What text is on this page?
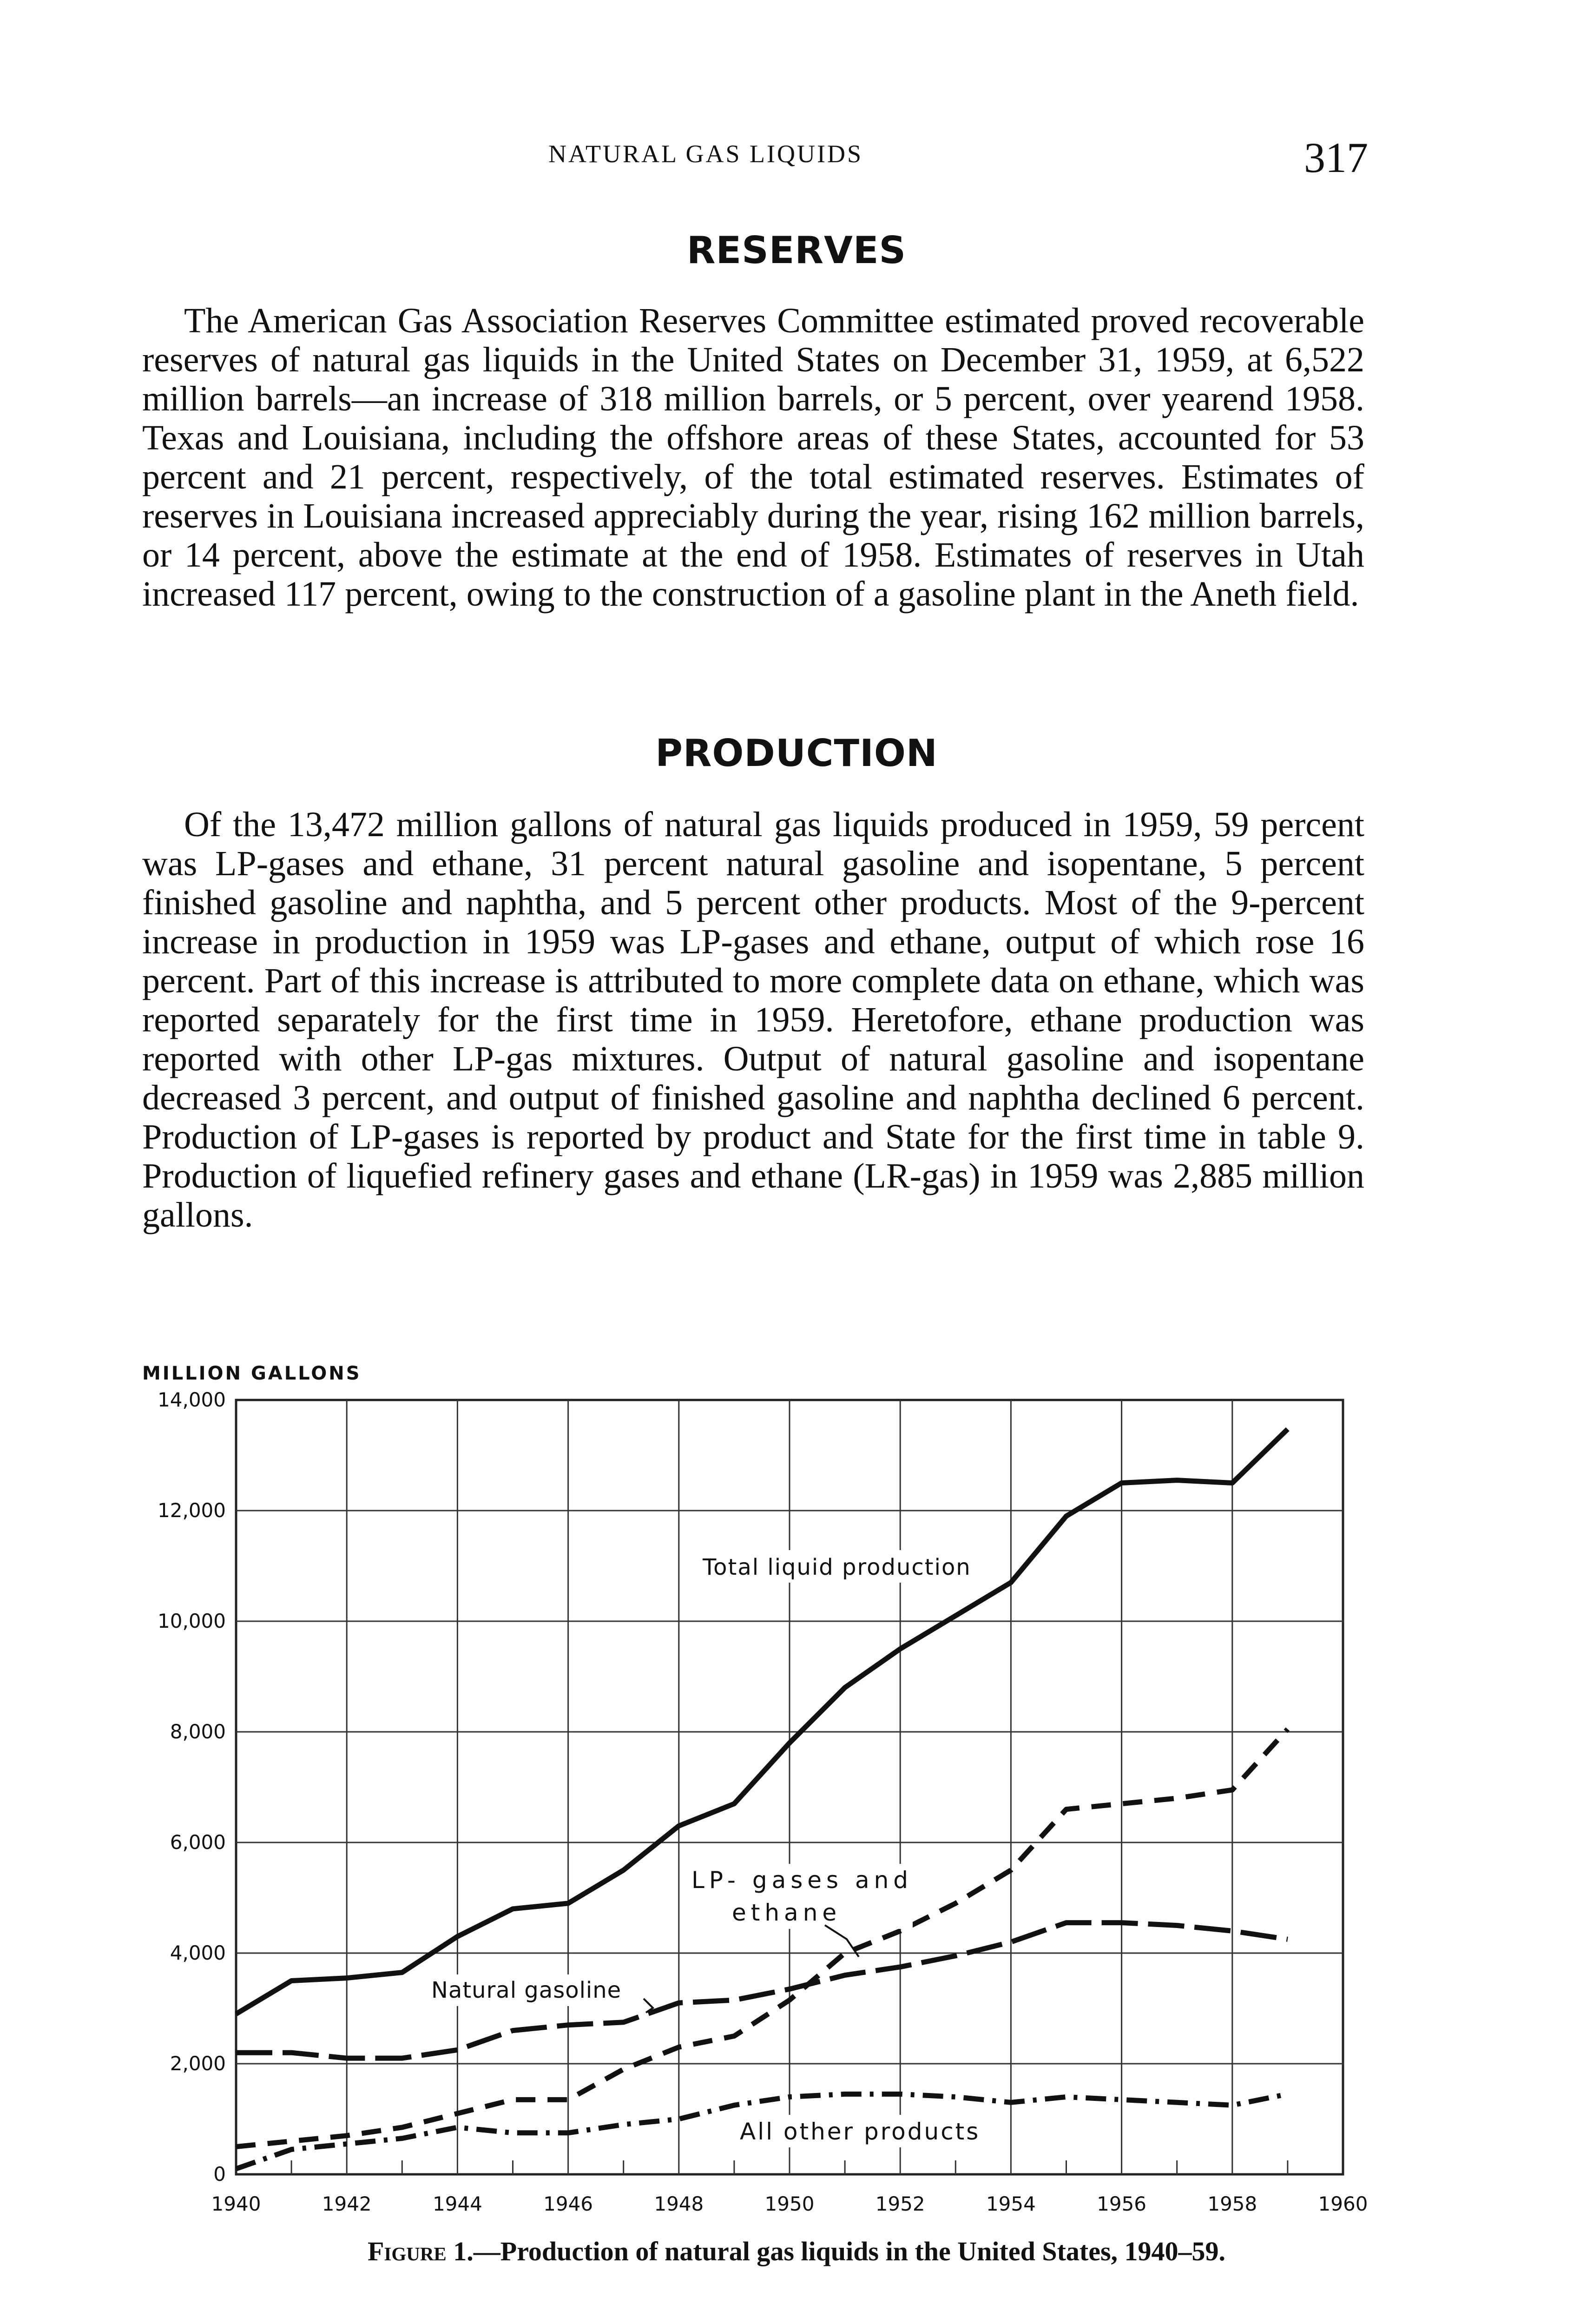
NATURAL GAS LIQUIDS	317
RESERVES

The American Gas Association Reserves Committee estimated proved recoverable reserves of natural gas liquids in the United States on December 31, 1959, at 6,522 million barrels—an increase of 318 million barrels, or 5 percent, over yearend 1958. Texas and Louisiana, including the offshore areas of these States, accounted for 53 percent and 21 percent, respectively, of the total estimated reserves. Estimates of reserves in Louisiana increased appreciably during the year, rising 162 million barrels, or 14 percent, above the estimate at the end of 1958. Estimates of reserves in Utah increased 117 percent, owing to the construction of a gasoline plant in the Aneth field.

PRODUCTION

Of the 13,472 million gallons of natural gas liquids produced in 1959, 59 percent was LP-gases and ethane, 31 percent natural gasoline and isopentane, 5 percent finished gasoline and naphtha, and 5 percent other products. Most of the 9-percent increase in production in 1959 was LP-gases and ethane, output of which rose 16 percent. Part of this increase is attributed to more complete data on ethane, which was reported separately for the first time in 1959. Heretofore, ethane production was reported with other LP-gas mixtures. Output of natural gasoline and isopentane decreased 3 percent, and output of finished gasoline and naphtha declined 6 percent. Production of LP-gases is reported by product and State for the first time in table 9. Production of liquefied refinery gases and ethane (LR-gas) in 1959 was 2,885 million gallons.

MILLION GALLONS
1940	1942	1944	1946	1948	1950	1952	1954	1956	1958	1960
0
2,000
4,000
6,000
8,000
10,000
12,000
14,000
Total liquid production
LP- gases and
ethane
Natural gasoline
All other products
Figure 1.—Production of natural gas liquids in the United States, 1940–59.
